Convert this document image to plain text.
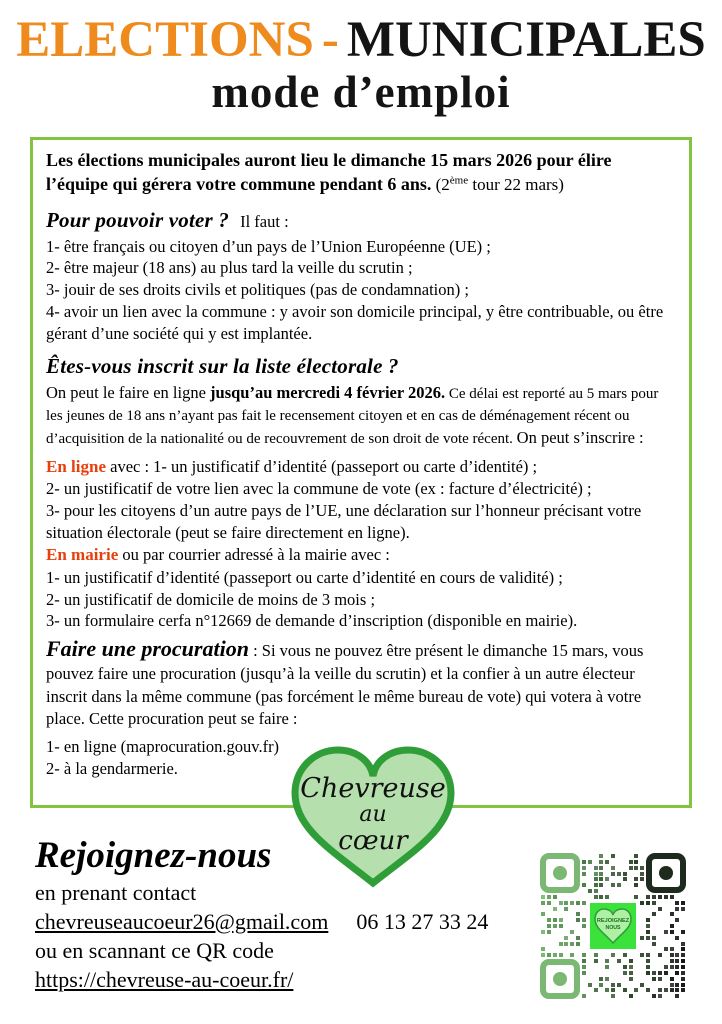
ELECTIONS - MUNICIPALES
mode d’emploi

Les élections municipales auront lieu le dimanche 15 mars 2026 pour élire l’équipe qui gérera votre commune pendant 6 ans. (2ème tour 22 mars)

Pour pouvoir voter ? Il faut :

1- être français ou citoyen d’un pays de l’Union Européenne (UE) ;

2- être majeur (18 ans) au plus tard la veille du scrutin ;

3- jouir de ses droits civils et politiques (pas de condamnation) ;

4- avoir un lien avec la commune : y avoir son domicile principal, y être contribuable, ou être gérant d’une société qui y est implantée.

Êtes-vous inscrit sur la liste électorale ?

On peut le faire en ligne jusqu’au mercredi 4 février 2026. Ce délai est reporté au 5 mars pour les jeunes de 18 ans n’ayant pas fait le recensement citoyen et en cas de déménagement récent ou d’acquisition de la nationalité ou de recouvrement de son droit de vote récent. On peut s’inscrire :

En ligne avec : 1- un justificatif d’identité (passeport ou carte d’identité) ;

2- un justificatif de votre lien avec la commune de vote (ex : facture d’électricité) ;

3- pour les citoyens d’un autre pays de l’UE, une déclaration sur l’honneur précisant votre situation électorale (peut se faire directement en ligne).

En mairie ou par courrier adressé à la mairie avec :

1- un justificatif d’identité (passeport ou carte d’identité en cours de validité) ;

2- un justificatif de domicile de moins de 3 mois ;

3- un formulaire cerfa n°12669 de demande d’inscription (disponible en mairie).

Faire une procuration : Si vous ne pouvez être présent le dimanche 15 mars, vous pouvez faire une procuration (jusqu’à la veille du scrutin) et la confier à un autre électeur inscrit dans la même commune (pas forcément le même bureau de vote) qui votera à votre place. Cette procuration peut se faire :

1- en ligne (maprocuration.gouv.fr)

2- à la gendarmerie.

Chevreuse
au
cœur
Rejoignez-nous
en prenant contact
chevreuseaucoeur26@gmail.com 06 13 27 33 24
ou en scannant ce QR code
https://chevreuse-au-coeur.fr/
REJOIGNEZ
NOUS
